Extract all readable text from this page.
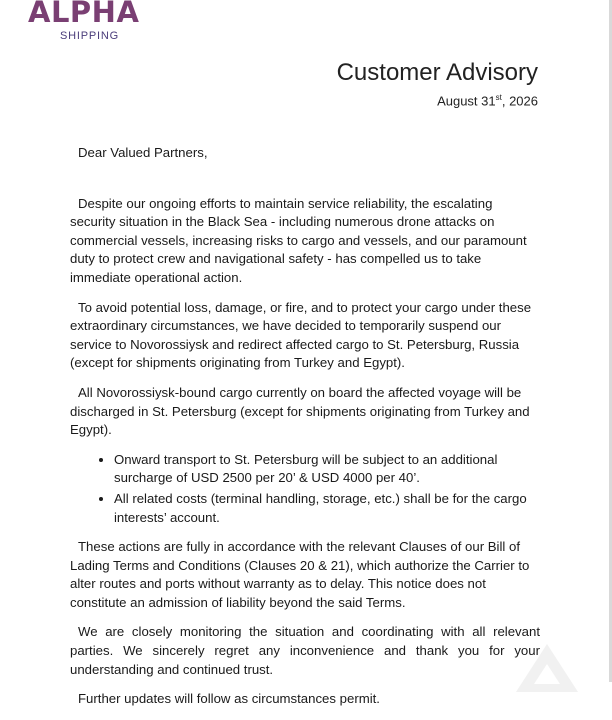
ALPHA
SHIPPING
Customer Advisory
August 31st, 2026

Dear Valued Partners,

Despite our ongoing efforts to maintain service reliability, the escalating security situation in the Black Sea - including numerous drone attacks on commercial vessels, increasing risks to cargo and vessels, and our paramount duty to protect crew and navigational safety - has compelled us to take immediate operational action.

To avoid potential loss, damage, or fire, and to protect your cargo under these extraordinary circumstances, we have decided to temporarily suspend our service to Novorossiysk and redirect affected cargo to St. Petersburg, Russia (except for shipments originating from Turkey and Egypt).

All Novorossiysk-bound cargo currently on board the affected voyage will be discharged in St. Petersburg (except for shipments originating from Turkey and Egypt).

• Onward transport to St. Petersburg will be subject to an additional surcharge of USD 2500 per 20’ & USD 4000 per 40’.
• All related costs (terminal handling, storage, etc.) shall be for the cargo interests’ account.

These actions are fully in accordance with the relevant Clauses of our Bill of Lading Terms and Conditions (Clauses 20 & 21), which authorize the Carrier to alter routes and ports without warranty as to delay. This notice does not constitute an admission of liability beyond the said Terms.

We are closely monitoring the situation and coordinating with all relevant parties. We sincerely regret any inconvenience and thank you for your understanding and continued trust.

Further updates will follow as circumstances permit.
